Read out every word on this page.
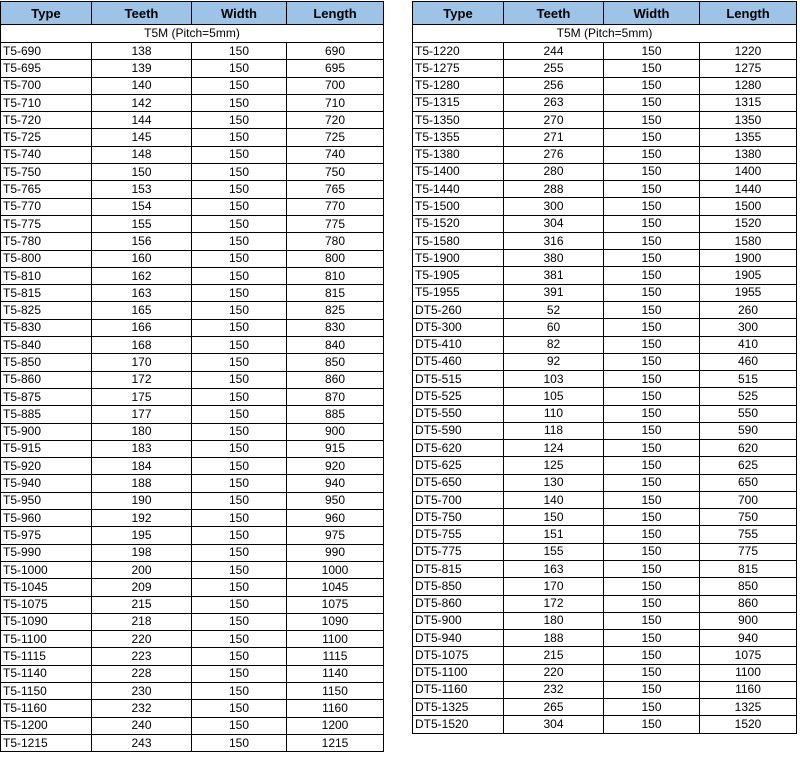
Type	Teeth	Width	Length
T5M (Pitch=5mm)			
T5-690	138	150	690
T5-695	139	150	695
T5-700	140	150	700
T5-710	142	150	710
T5-720	144	150	720
T5-725	145	150	725
T5-740	148	150	740
T5-750	150	150	750
T5-765	153	150	765
T5-770	154	150	770
T5-775	155	150	775
T5-780	156	150	780
T5-800	160	150	800
T5-810	162	150	810
T5-815	163	150	815
T5-825	165	150	825
T5-830	166	150	830
T5-840	168	150	840
T5-850	170	150	850
T5-860	172	150	860
T5-875	175	150	870
T5-885	177	150	885
T5-900	180	150	900
T5-915	183	150	915
T5-920	184	150	920
T5-940	188	150	940
T5-950	190	150	950
T5-960	192	150	960
T5-975	195	150	975
T5-990	198	150	990
T5-1000	200	150	1000
T5-1045	209	150	1045
T5-1075	215	150	1075
T5-1090	218	150	1090
T5-1100	220	150	1100
T5-1115	223	150	1115
T5-1140	228	150	1140
T5-1150	230	150	1150
T5-1160	232	150	1160
T5-1200	240	150	1200
T5-1215	243	150	1215
Type	Teeth	Width	Length
T5M (Pitch=5mm)			
T5-1220	244	150	1220
T5-1275	255	150	1275
T5-1280	256	150	1280
T5-1315	263	150	1315
T5-1350	270	150	1350
T5-1355	271	150	1355
T5-1380	276	150	1380
T5-1400	280	150	1400
T5-1440	288	150	1440
T5-1500	300	150	1500
T5-1520	304	150	1520
T5-1580	316	150	1580
T5-1900	380	150	1900
T5-1905	381	150	1905
T5-1955	391	150	1955
DT5-260	52	150	260
DT5-300	60	150	300
DT5-410	82	150	410
DT5-460	92	150	460
DT5-515	103	150	515
DT5-525	105	150	525
DT5-550	110	150	550
DT5-590	118	150	590
DT5-620	124	150	620
DT5-625	125	150	625
DT5-650	130	150	650
DT5-700	140	150	700
DT5-750	150	150	750
DT5-755	151	150	755
DT5-775	155	150	775
DT5-815	163	150	815
DT5-850	170	150	850
DT5-860	172	150	860
DT5-900	180	150	900
DT5-940	188	150	940
DT5-1075	215	150	1075
DT5-1100	220	150	1100
DT5-1160	232	150	1160
DT5-1325	265	150	1325
DT5-1520	304	150	1520
